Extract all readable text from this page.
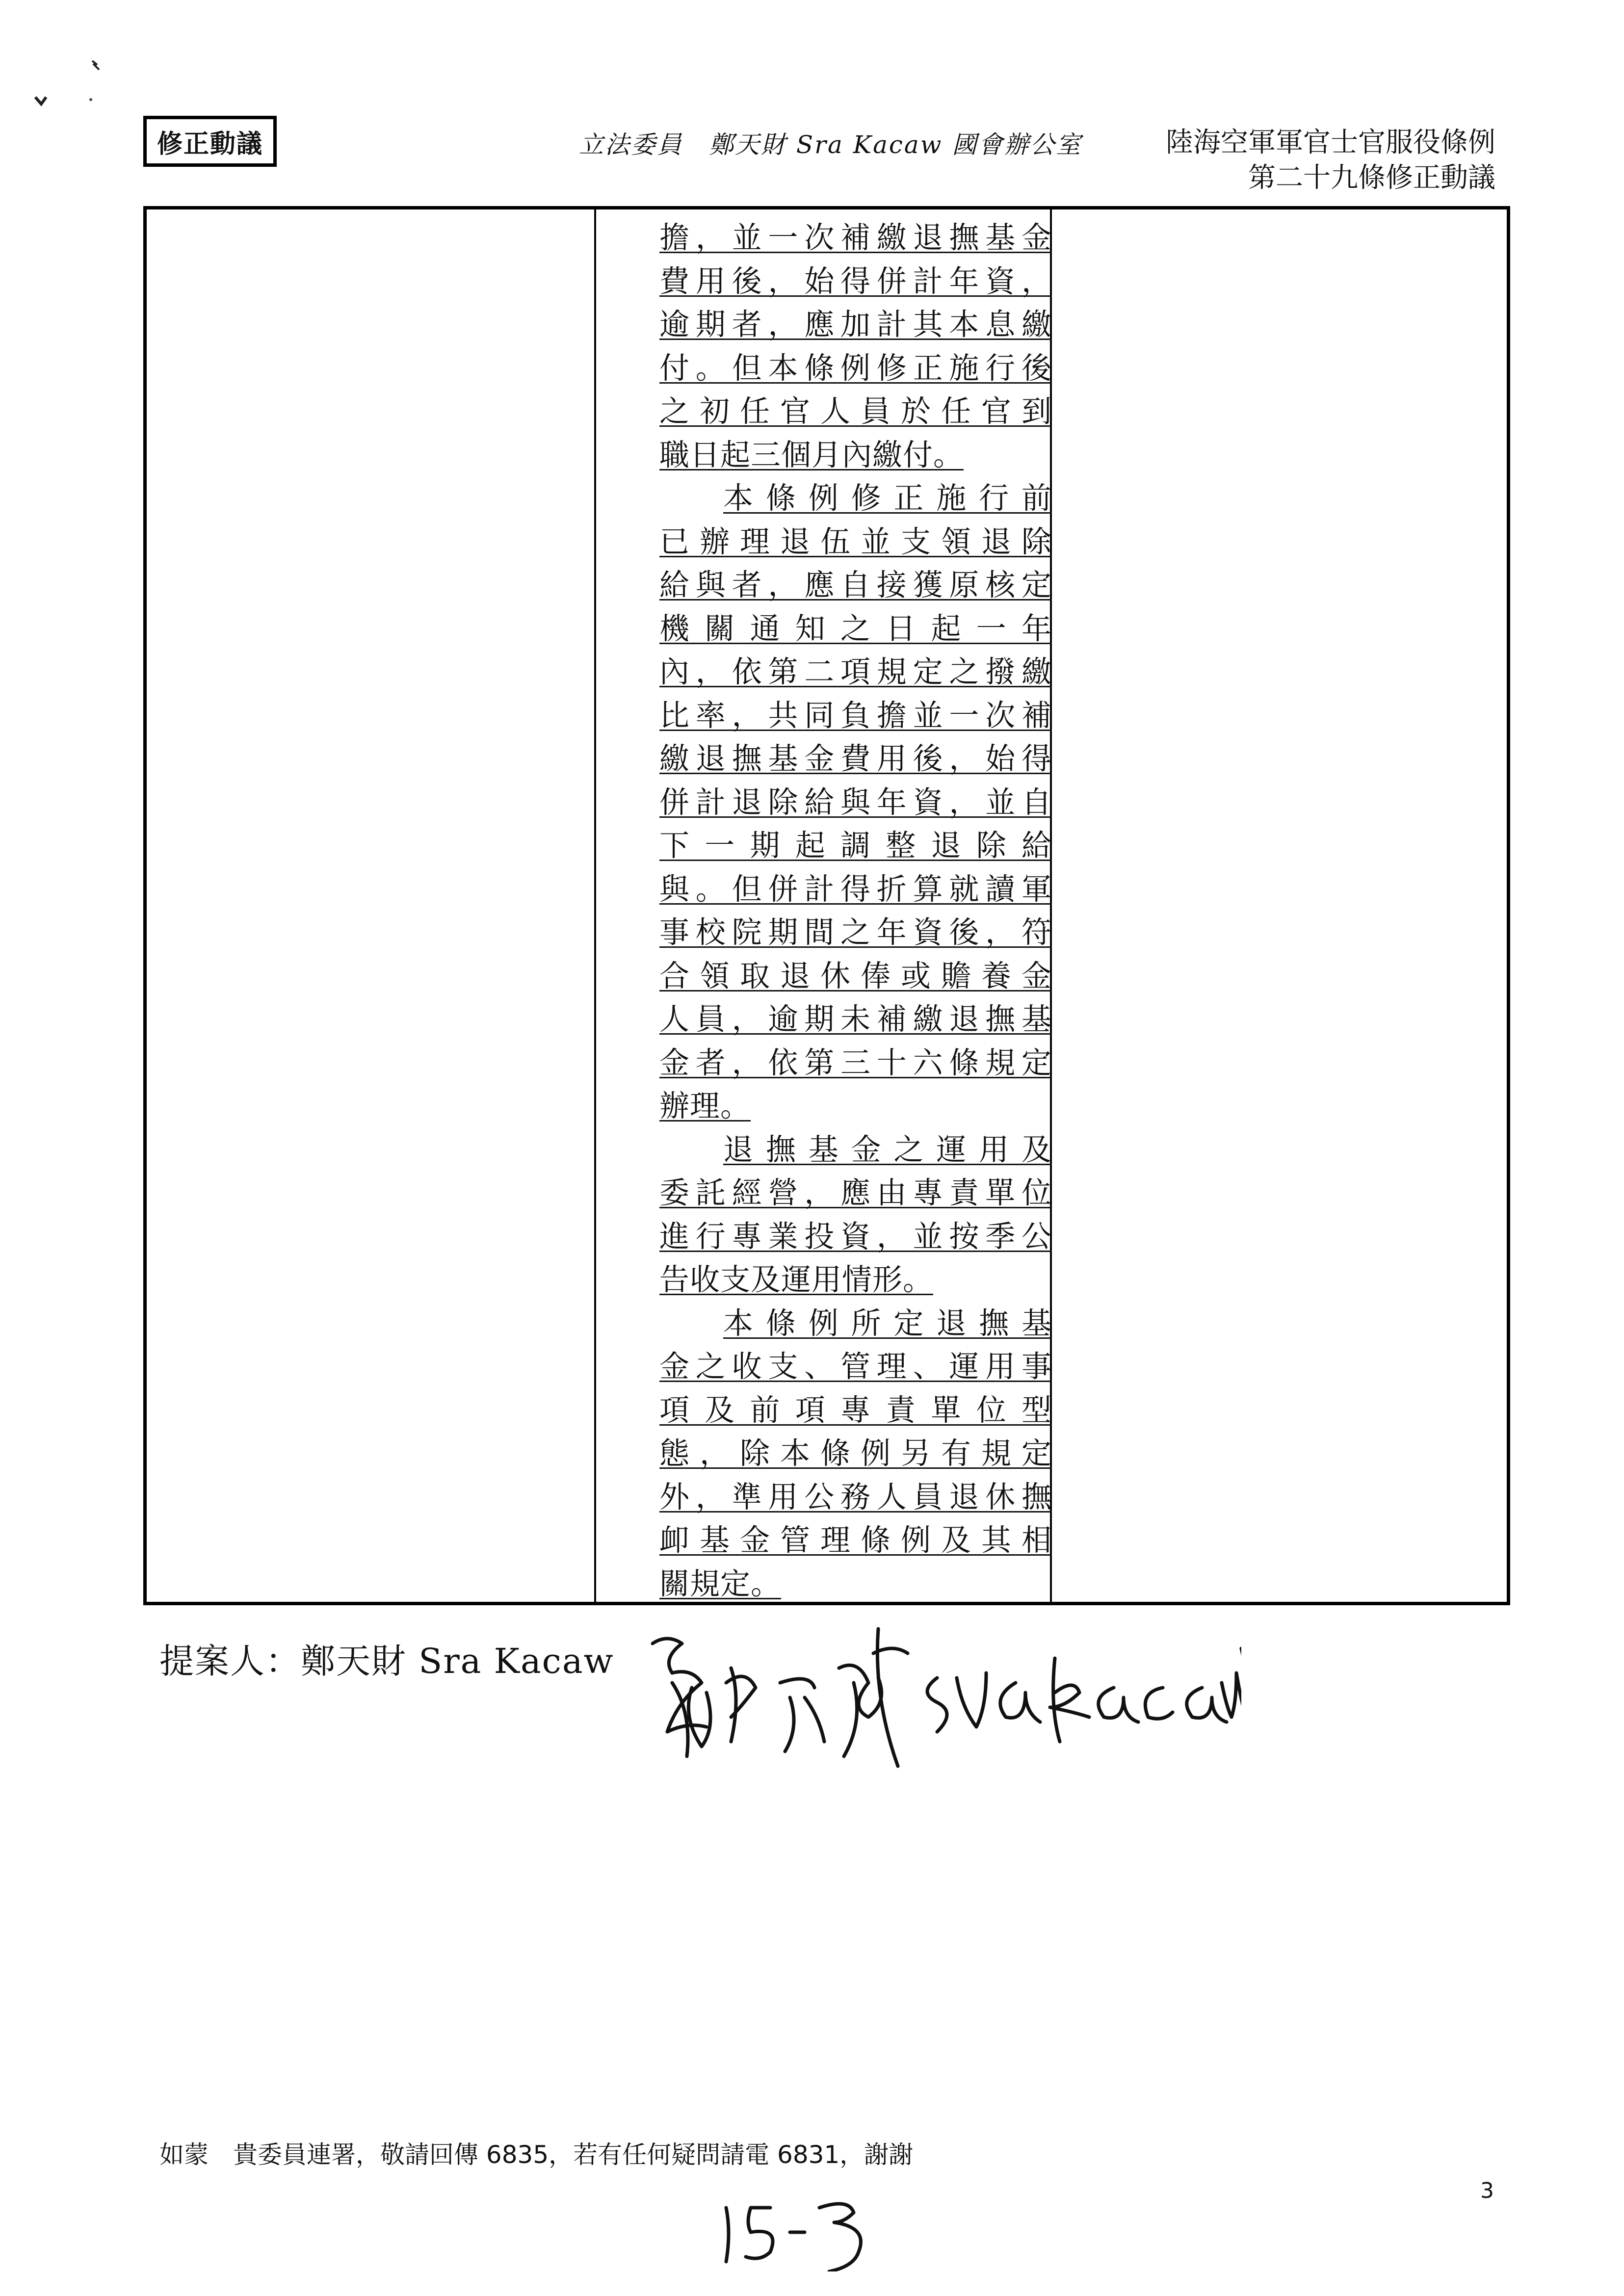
修正動議	立法委員　鄭天財 Sra Kacaw 國會辦公室	陸海空軍軍官士官服役條例
第二十九條修正動議
擔，並一次補繳退撫基金
費用後，始得併計年資，
逾期者，應加計其本息繳
付。但本條例修正施行後
之初任官人員於任官到
職日起三個月內繳付。
本條例修正施行前
已辦理退伍並支領退除
給與者，應自接獲原核定
機關通知之日起一年
內，依第二項規定之撥繳
比率，共同負擔並一次補
繳退撫基金費用後，始得
併計退除給與年資，並自
下一期起調整退除給
與。但併計得折算就讀軍
事校院期間之年資後，符
合領取退休俸或贍養金
人員，逾期未補繳退撫基
金者，依第三十六條規定
辦理。
退撫基金之運用及
委託經營，應由專責單位
進行專業投資，並按季公
告收支及運用情形。
本條例所定退撫基
金之收支、管理、運用事
項及前項專責單位型
態，除本條例另有規定
外，準用公務人員退休撫
卹基金管理條例及其相
關規定。
提案人：鄭天財 Sra Kacaw
如蒙　貴委員連署，敬請回傳 6835，若有任何疑問請電 6831，謝謝
3
